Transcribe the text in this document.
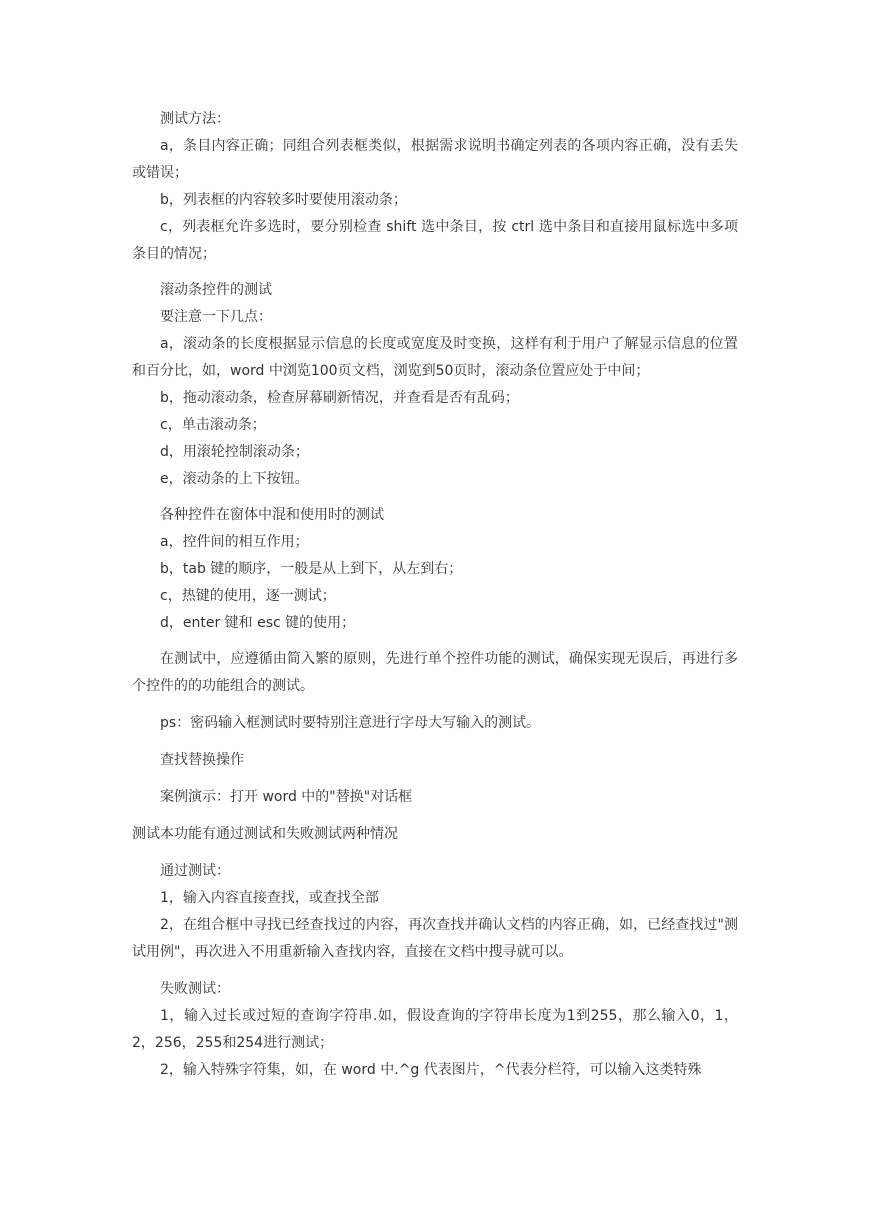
测试方法：

a，条目内容正确；同组合列表框类似，根据需求说明书确定列表的各项内容正确，没有丢失或错误；

b，列表框的内容较多时要使用滚动条；

c，列表框允许多选时，要分别检查 shift 选中条目，按 ctrl 选中条目和直接用鼠标选中多项条目的情况；

滚动条控件的测试

要注意一下几点：

a，滚动条的长度根据显示信息的长度或宽度及时变换，这样有利于用户了解显示信息的位置和百分比，如，word 中浏览100页文档，浏览到50页时，滚动条位置应处于中间；

b，拖动滚动条，检查屏幕刷新情况，并查看是否有乱码；

c，单击滚动条；

d，用滚轮控制滚动条；

e，滚动条的上下按钮。

各种控件在窗体中混和使用时的测试

a，控件间的相互作用；

b，tab 键的顺序，一般是从上到下，从左到右；

c，热键的使用，逐一测试；

d，enter 键和 esc 键的使用；

在测试中，应遵循由简入繁的原则，先进行单个控件功能的测试，确保实现无误后，再进行多个控件的的功能组合的测试。

ps：密码输入框测试时要特别注意进行字母大写输入的测试。

查找替换操作

案例演示：打开 word 中的"替换"对话框

测试本功能有通过测试和失败测试两种情况

通过测试：

1，输入内容直接查找，或查找全部

2，在组合框中寻找已经查找过的内容，再次查找并确认文档的内容正确，如，已经查找过"测试用例"，再次进入不用重新输入查找内容，直接在文档中搜寻就可以。

失败测试：

1，输入过长或过短的查询字符串.如，假设查询的字符串长度为1到255，那么输入0，1，2，256，255和254进行测试；

2，输入特殊字符集，如，在 word 中.^g 代表图片，^代表分栏符，可以输入这类特殊
